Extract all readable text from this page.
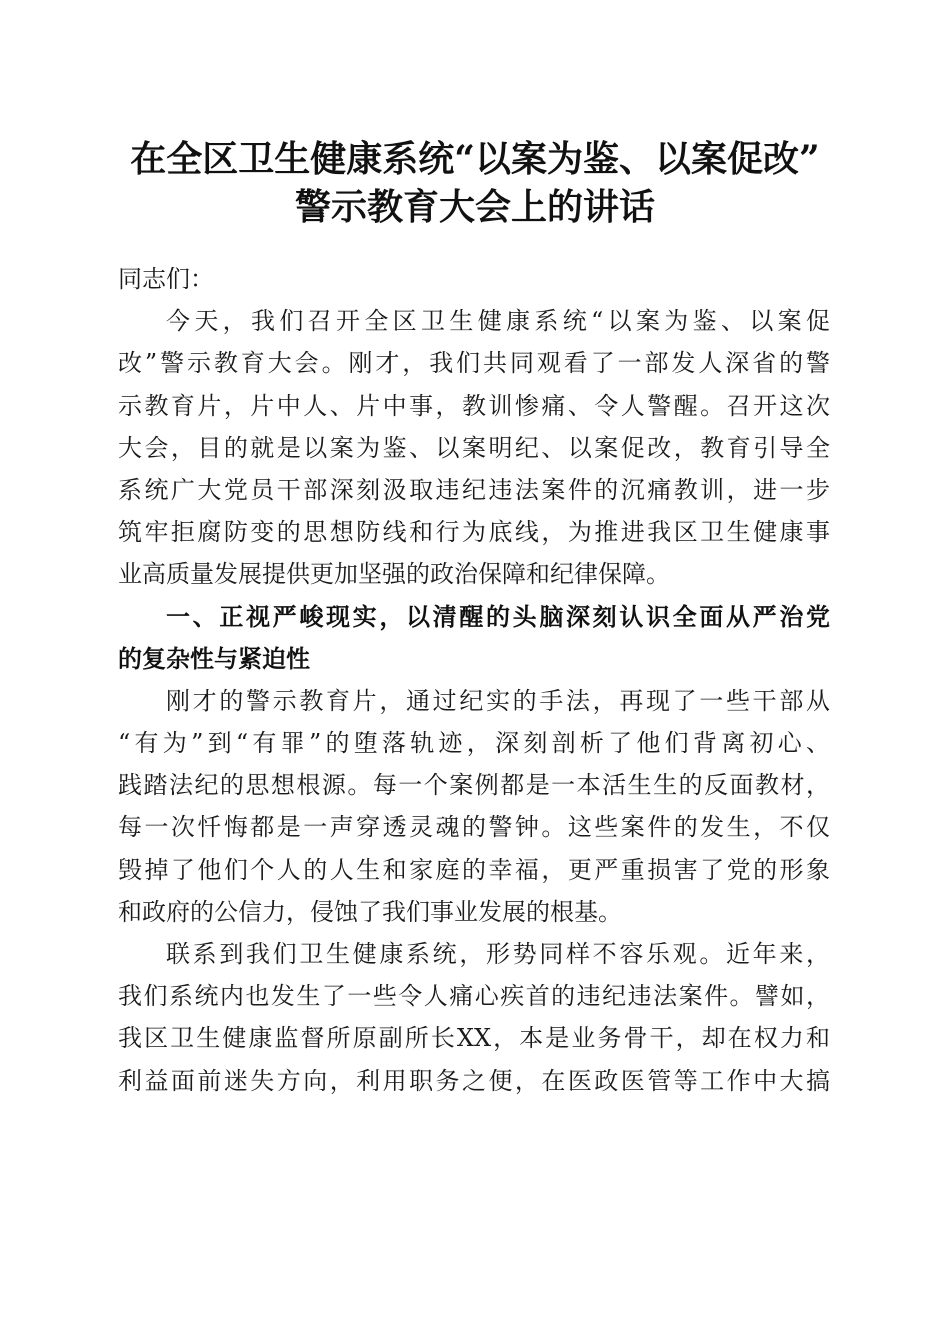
在全区卫生健康系统“以案为鉴、以案促改”
警示教育大会上的讲话
同志们：
今天，我们召开全区卫生健康系统“以案为鉴、以案促
改”警示教育大会。刚才，我们共同观看了一部发人深省的警
示教育片，片中人、片中事，教训惨痛、令人警醒。召开这次
大会，目的就是以案为鉴、以案明纪、以案促改，教育引导全
系统广大党员干部深刻汲取违纪违法案件的沉痛教训，进一步
筑牢拒腐防变的思想防线和行为底线，为推进我区卫生健康事
业高质量发展提供更加坚强的政治保障和纪律保障。
一、正视严峻现实，以清醒的头脑深刻认识全面从严治党
的复杂性与紧迫性
刚才的警示教育片，通过纪实的手法，再现了一些干部从
“有为”到“有罪”的堕落轨迹，深刻剖析了他们背离初心、
践踏法纪的思想根源。每一个案例都是一本活生生的反面教材，
每一次忏悔都是一声穿透灵魂的警钟。这些案件的发生，不仅
毁掉了他们个人的人生和家庭的幸福，更严重损害了党的形象
和政府的公信力，侵蚀了我们事业发展的根基。
联系到我们卫生健康系统，形势同样不容乐观。近年来，
我们系统内也发生了一些令人痛心疾首的违纪违法案件。譬如，
我区卫生健康监督所原副所长XX，本是业务骨干，却在权力和
利益面前迷失方向，利用职务之便，在医政医管等工作中大搞
